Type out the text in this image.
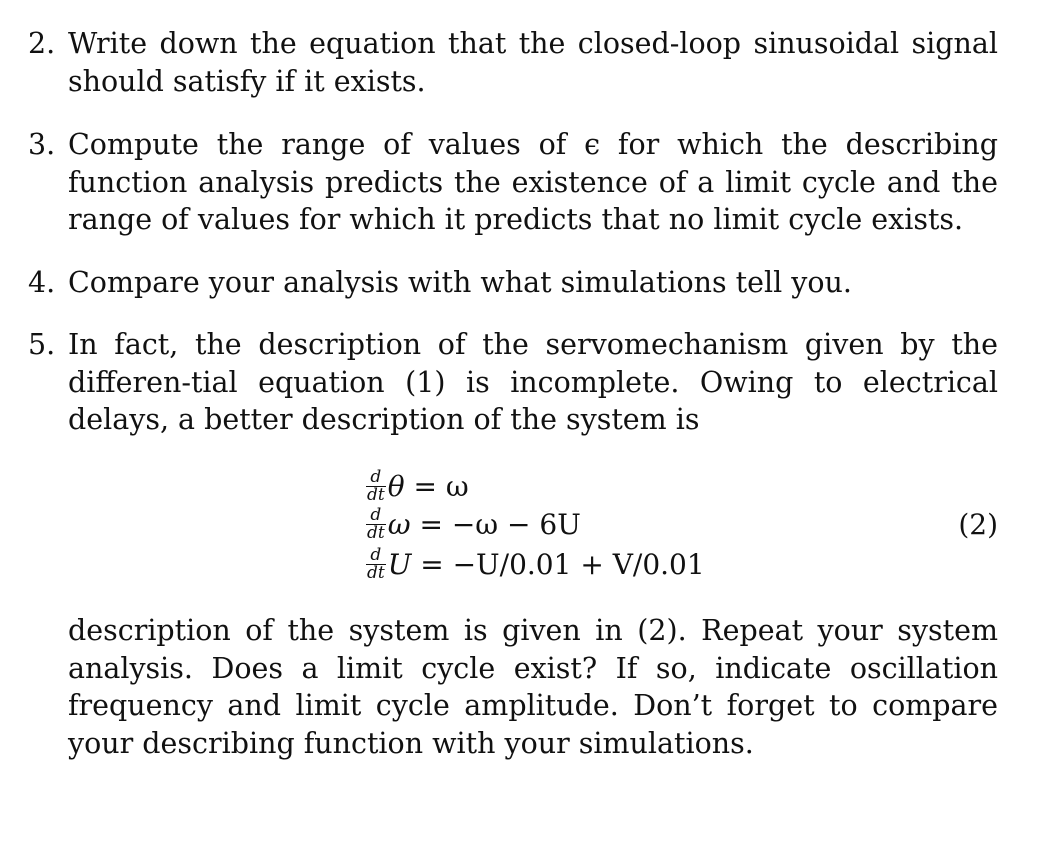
2. Write down the equation that the closed-loop sinusoidal signal should satisfy if it exists.
3. Compute the range of values of ϵ for which the describing function analysis predicts the existence of a limit cycle and the range of values for which it predicts that no limit cycle exists.
4. Compare your analysis with what simulations tell you.
5. In fact, the description of the servomechanism given by the differen-tial equation (1) is incomplete. Owing to electrical delays, a better description of the system is
$\frac{d}{dt}$ θ = ω
$\frac{d}{dt}$ ω = −ω − 6U
$\frac{d}{dt}$ U = −U/0.01 + V/0.01
(2)
description of the system is given in (2). Repeat your system analysis. Does a limit cycle exist? If so, indicate oscillation frequency and limit cycle amplitude. Don’t forget to compare your describing function with your simulations.
